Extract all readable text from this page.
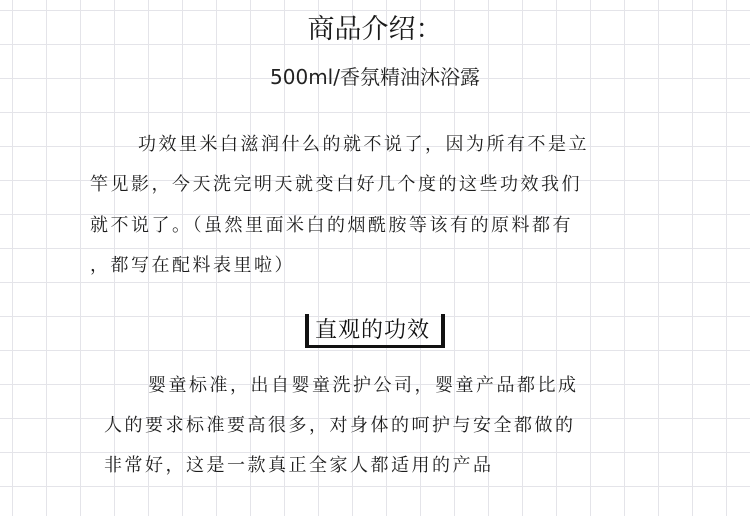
商品介绍：
500ml/香氛精油沐浴露
功效里米白滋润什么的就不说了，因为所有不是立
竿见影，今天洗完明天就变白好几个度的这些功效我们
就不说了。（虽然里面米白的烟酰胺等该有的原料都有
，都写在配料表里啦）
直观的功效
婴童标准，出自婴童洗护公司，婴童产品都比成
人的要求标准要高很多，对身体的呵护与安全都做的
非常好，这是一款真正全家人都适用的产品
